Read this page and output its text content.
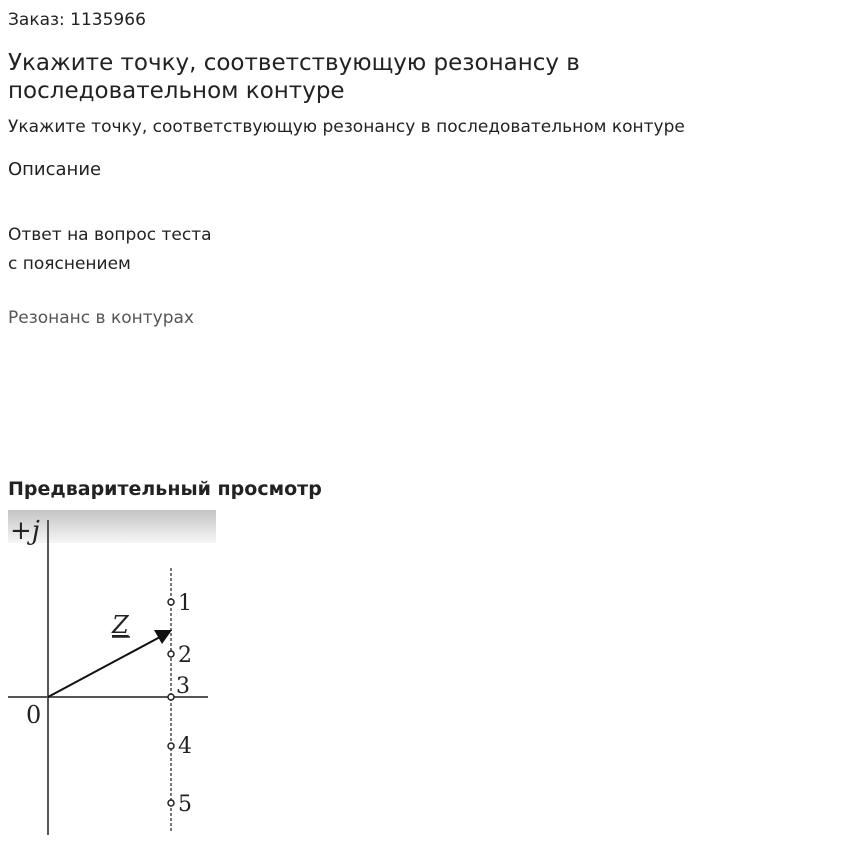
Заказ: 1135966
Укажите точку, соответствующую резонансу в последовательном контуре
Укажите точку, соответствующую резонансу в последовательном контуре
Описание
Ответ на вопрос теста
с пояснением
Резонанс в контурах
Предварительный просмотр
+j
0
Z
1
2
3
4
5
